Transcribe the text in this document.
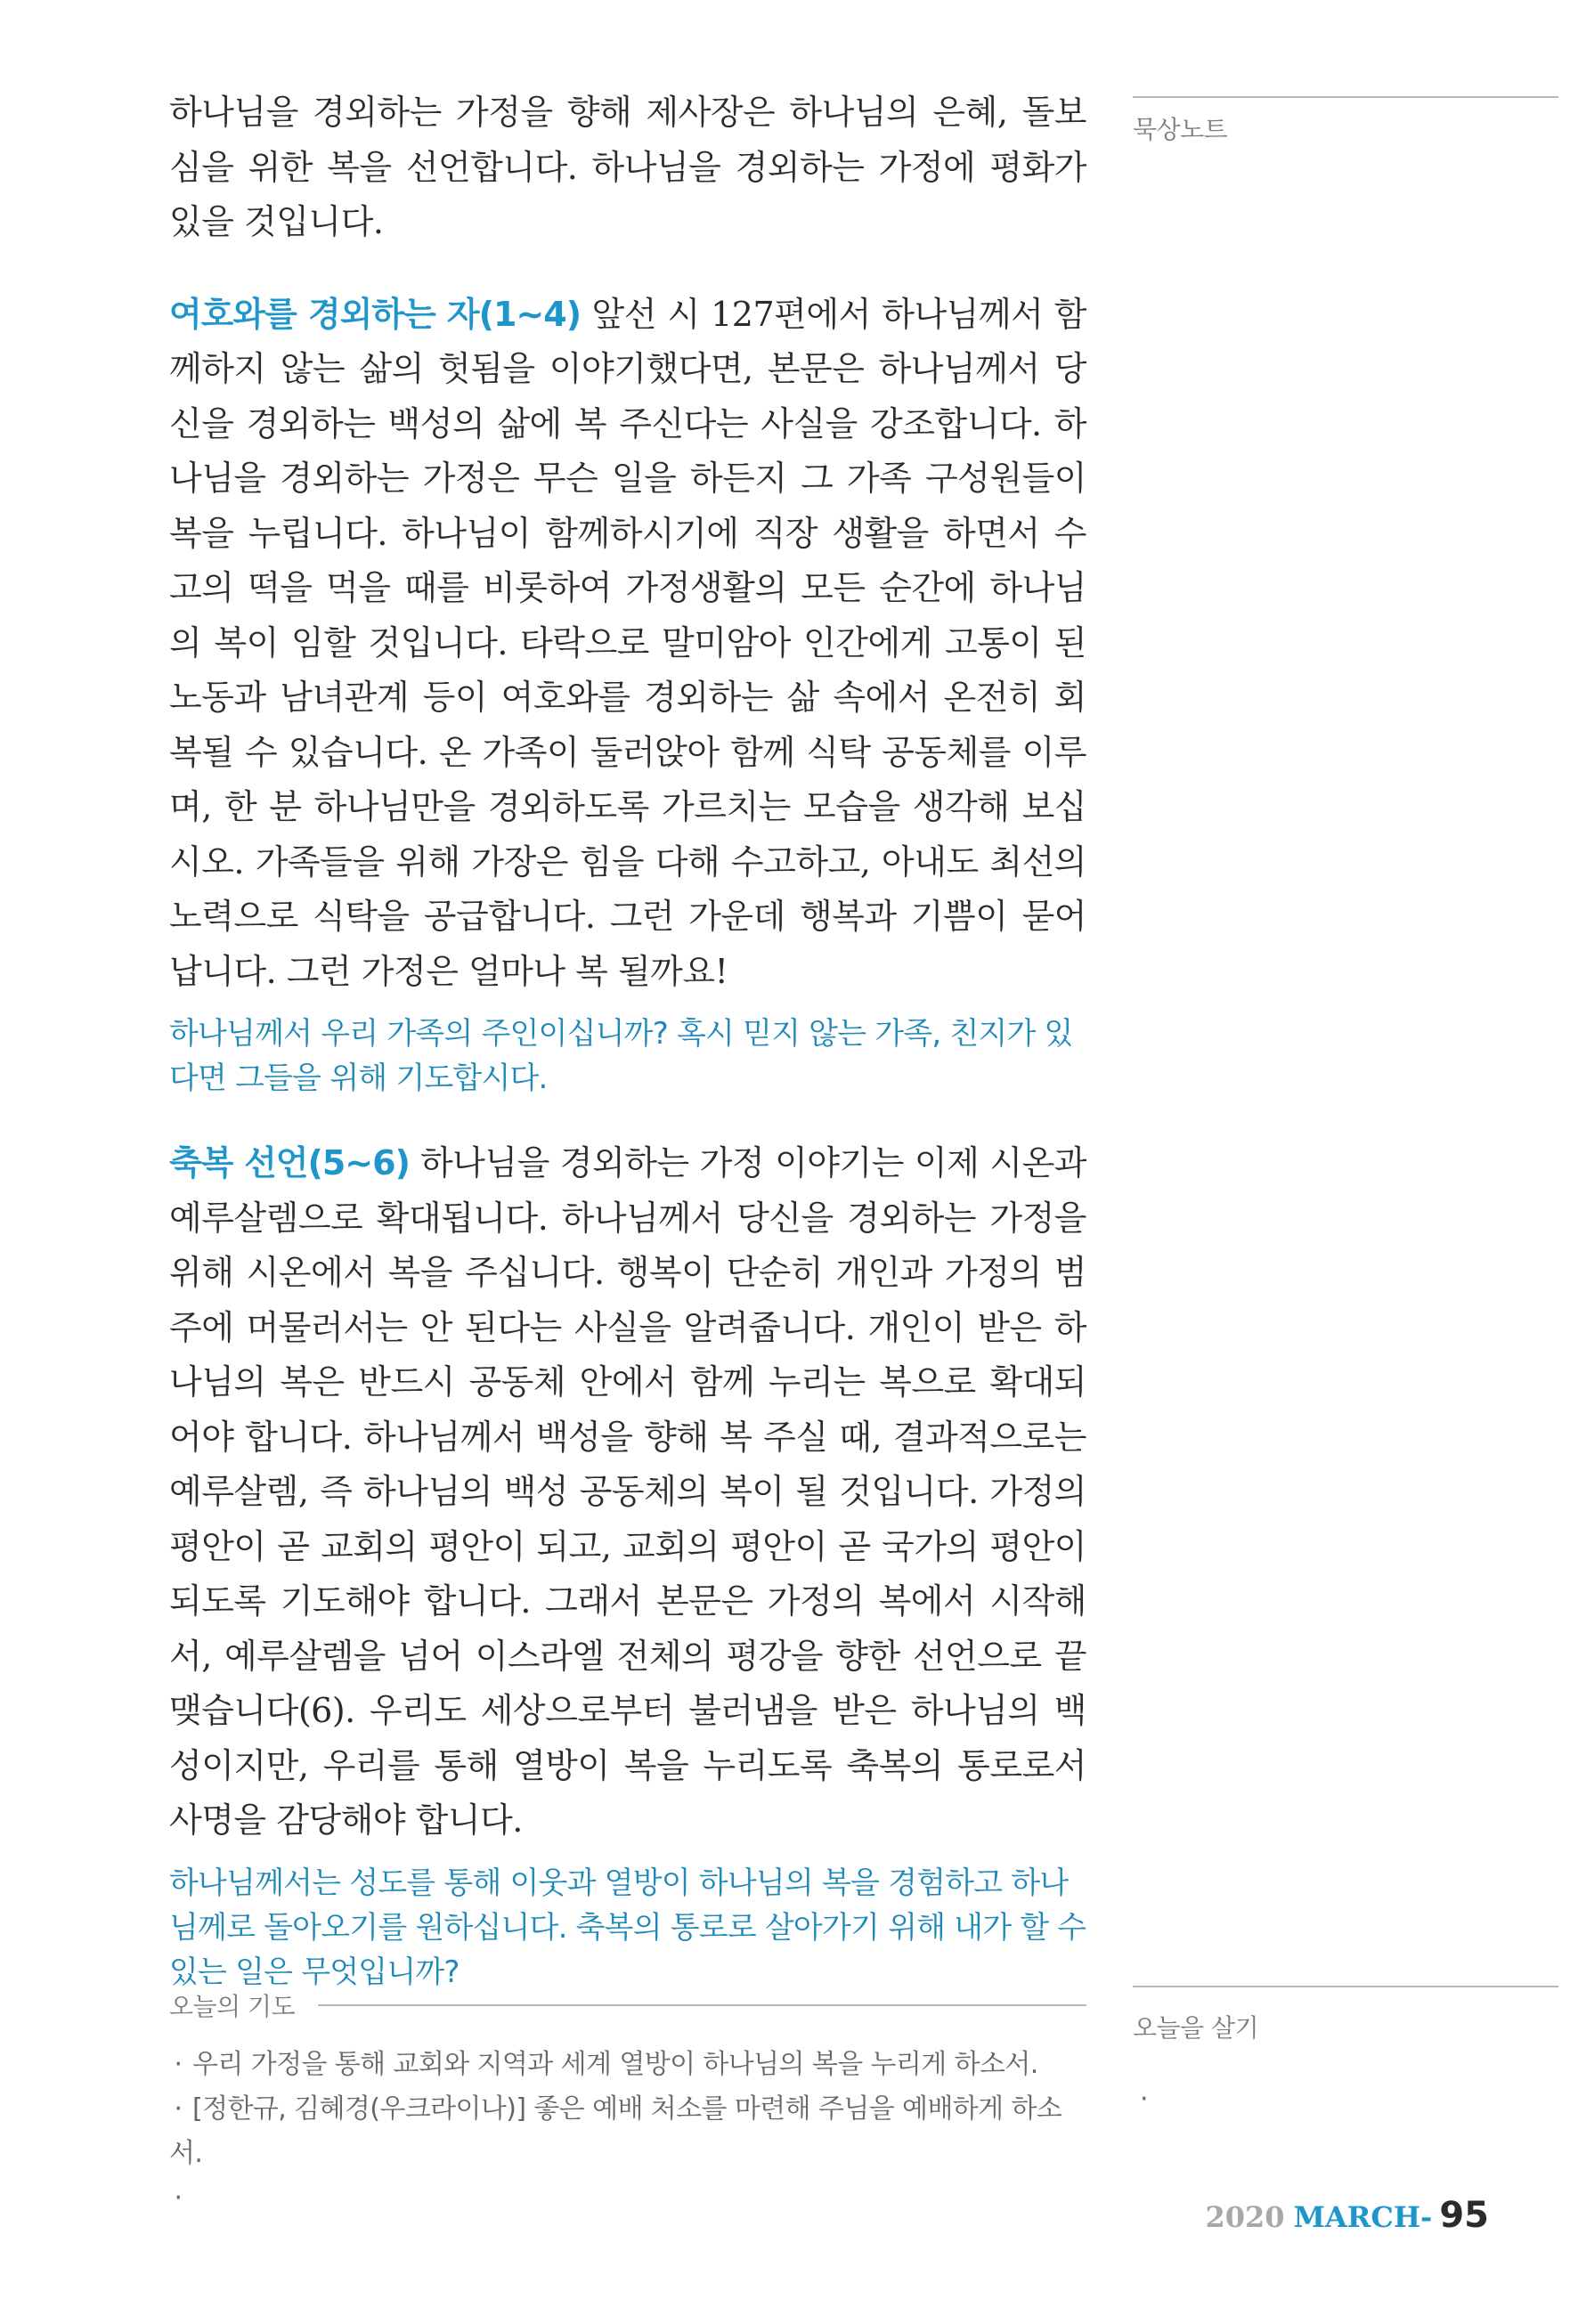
묵상노트

하나님을 경외하는 가정을 향해 제사장은 하나님의 은혜, 돌보심을 위한 복을 선언합니다. 하나님을 경외하는 가정에 평화가 있을 것입니다.

여호와를 경외하는 자(1~4) 앞선 시 127편에서 하나님께서 함께하지 않는 삶의 헛됨을 이야기했다면, 본문은 하나님께서 당신을 경외하는 백성의 삶에 복 주신다는 사실을 강조합니다. 하나님을 경외하는 가정은 무슨 일을 하든지 그 가족 구성원들이 복을 누립니다. 하나님이 함께하시기에 직장 생활을 하면서 수고의 떡을 먹을 때를 비롯하여 가정생활의 모든 순간에 하나님의 복이 임할 것입니다. 타락으로 말미암아 인간에게 고통이 된 노동과 남녀관계 등이 여호와를 경외하는 삶 속에서 온전히 회복될 수 있습니다. 온 가족이 둘러앉아 함께 식탁 공동체를 이루며, 한 분 하나님만을 경외하도록 가르치는 모습을 생각해 보십시오. 가족들을 위해 가장은 힘을 다해 수고하고, 아내도 최선의 노력으로 식탁을 공급합니다. 그런 가운데 행복과 기쁨이 묻어납니다. 그런 가정은 얼마나 복 될까요!

하나님께서 우리 가족의 주인이십니까? 혹시 믿지 않는 가족, 친지가 있다면 그들을 위해 기도합시다.

축복 선언(5~6) 하나님을 경외하는 가정 이야기는 이제 시온과 예루살렘으로 확대됩니다. 하나님께서 당신을 경외하는 가정을 위해 시온에서 복을 주십니다. 행복이 단순히 개인과 가정의 범주에 머물러서는 안 된다는 사실을 알려줍니다. 개인이 받은 하나님의 복은 반드시 공동체 안에서 함께 누리는 복으로 확대되어야 합니다. 하나님께서 백성을 향해 복 주실 때, 결과적으로는 예루살렘, 즉 하나님의 백성 공동체의 복이 될 것입니다. 가정의 평안이 곧 교회의 평안이 되고, 교회의 평안이 곧 국가의 평안이 되도록 기도해야 합니다. 그래서 본문은 가정의 복에서 시작해서, 예루살렘을 넘어 이스라엘 전체의 평강을 향한 선언으로 끝맺습니다(6). 우리도 세상으로부터 불러냄을 받은 하나님의 백성이지만, 우리를 통해 열방이 복을 누리도록 축복의 통로로서 사명을 감당해야 합니다.

하나님께서는 성도를 통해 이웃과 열방이 하나님의 복을 경험하고 하나님께로 돌아오기를 원하십니다. 축복의 통로로 살아가기 위해 내가 할 수 있는 일은 무엇입니까?

오늘의 기도
· 우리 가정을 통해 교회와 지역과 세계 열방이 하나님의 복을 누리게 하소서.
· [정한규, 김혜경(우크라이나)] 좋은 예배 처소를 마련해 주님을 예배하게 하소서.
·
오늘을 살기
·
2020 MARCH- 95
